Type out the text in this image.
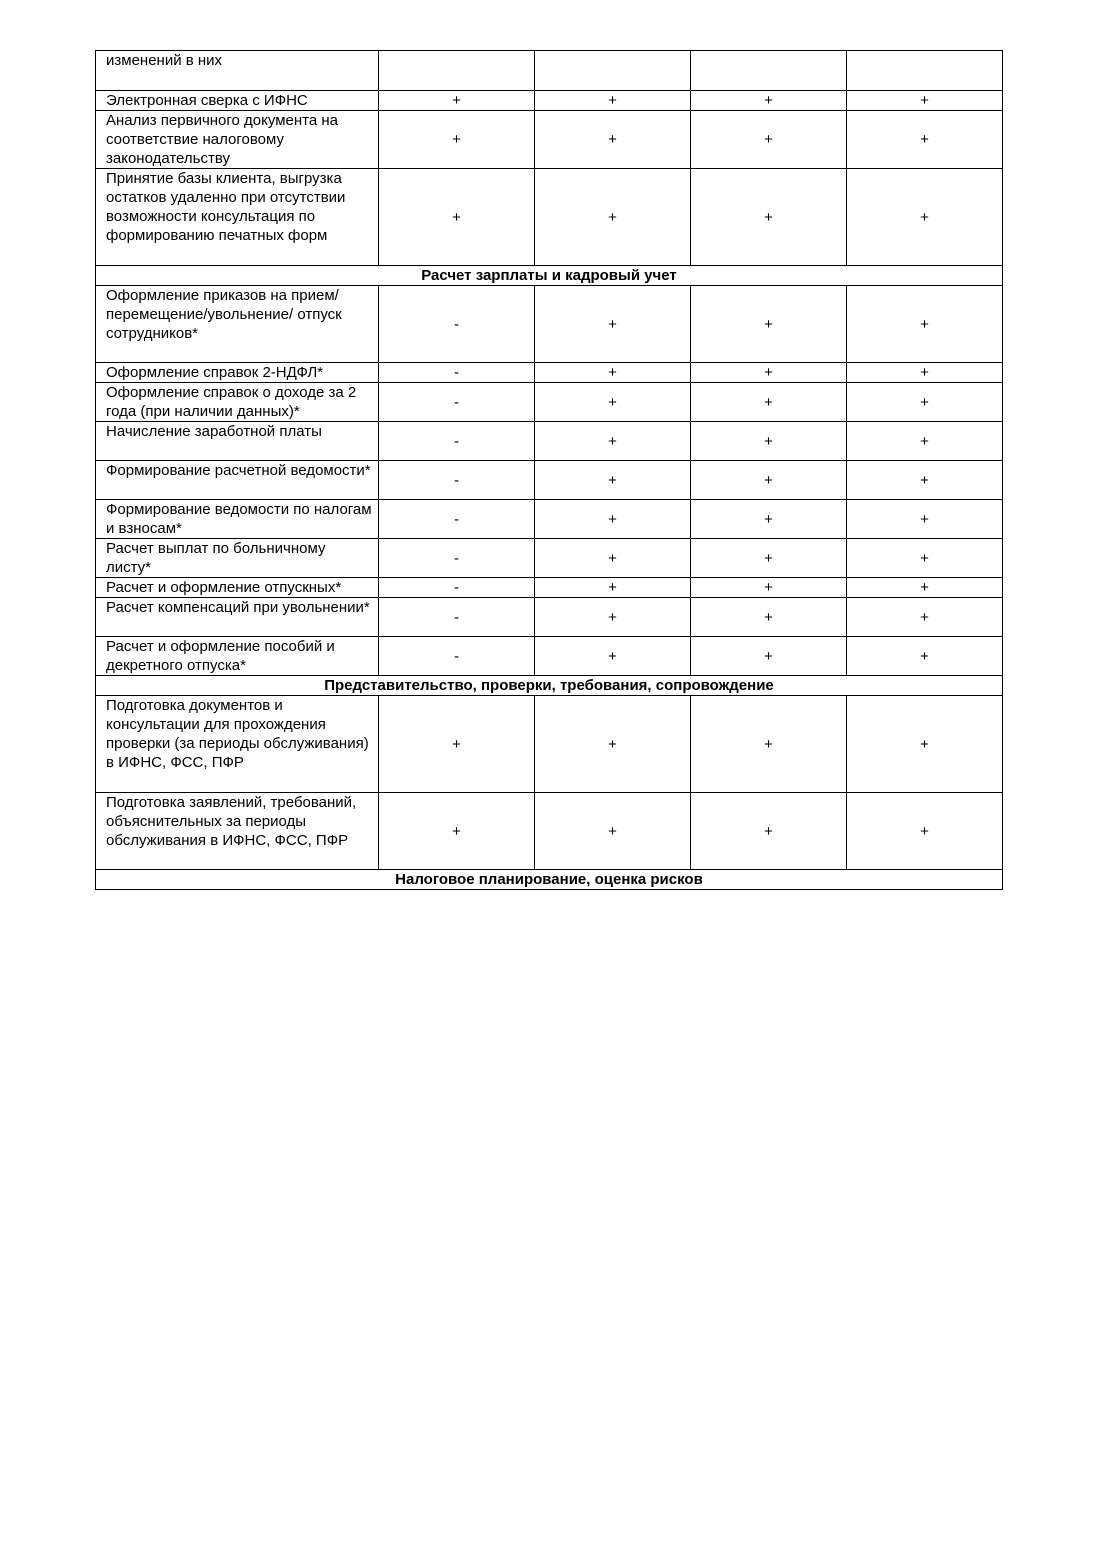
изменений в них				
Электронная сверка с ИФНС	+	+	+	+
Анализ первичного документа на соответствие налоговому законодательству	+	+	+	+
Принятие базы клиента, выгрузка остатков удаленно при отсутствии возможности консультация по формированию печатных форм	+	+	+	+
Расчет зарплаты и кадровый учет				
Оформление приказов на прием/перемещение/увольнение/ отпуск сотрудников*	-	+	+	+
Оформление справок 2-НДФЛ*	-	+	+	+
Оформление справок о доходе за 2 года (при наличии данных)*	-	+	+	+
Начисление заработной платы	-	+	+	+
Формирование расчетной ведомости*	-	+	+	+
Формирование ведомости по налогам и взносам*	-	+	+	+
Расчет выплат по больничному листу*	-	+	+	+
Расчет и оформление отпускных*	-	+	+	+
Расчет компенсаций при увольнении*	-	+	+	+
Расчет и оформление пособий и декретного отпуска*	-	+	+	+
Представительство, проверки, требования, сопровождение				
Подготовка документов и консультации для прохождения проверки (за периоды обслуживания) в ИФНС, ФСС, ПФР	+	+	+	+
Подготовка заявлений, требований, объяснительных за периоды обслуживания в ИФНС, ФСС, ПФР	+	+	+	+
Налоговое планирование, оценка рисков				
